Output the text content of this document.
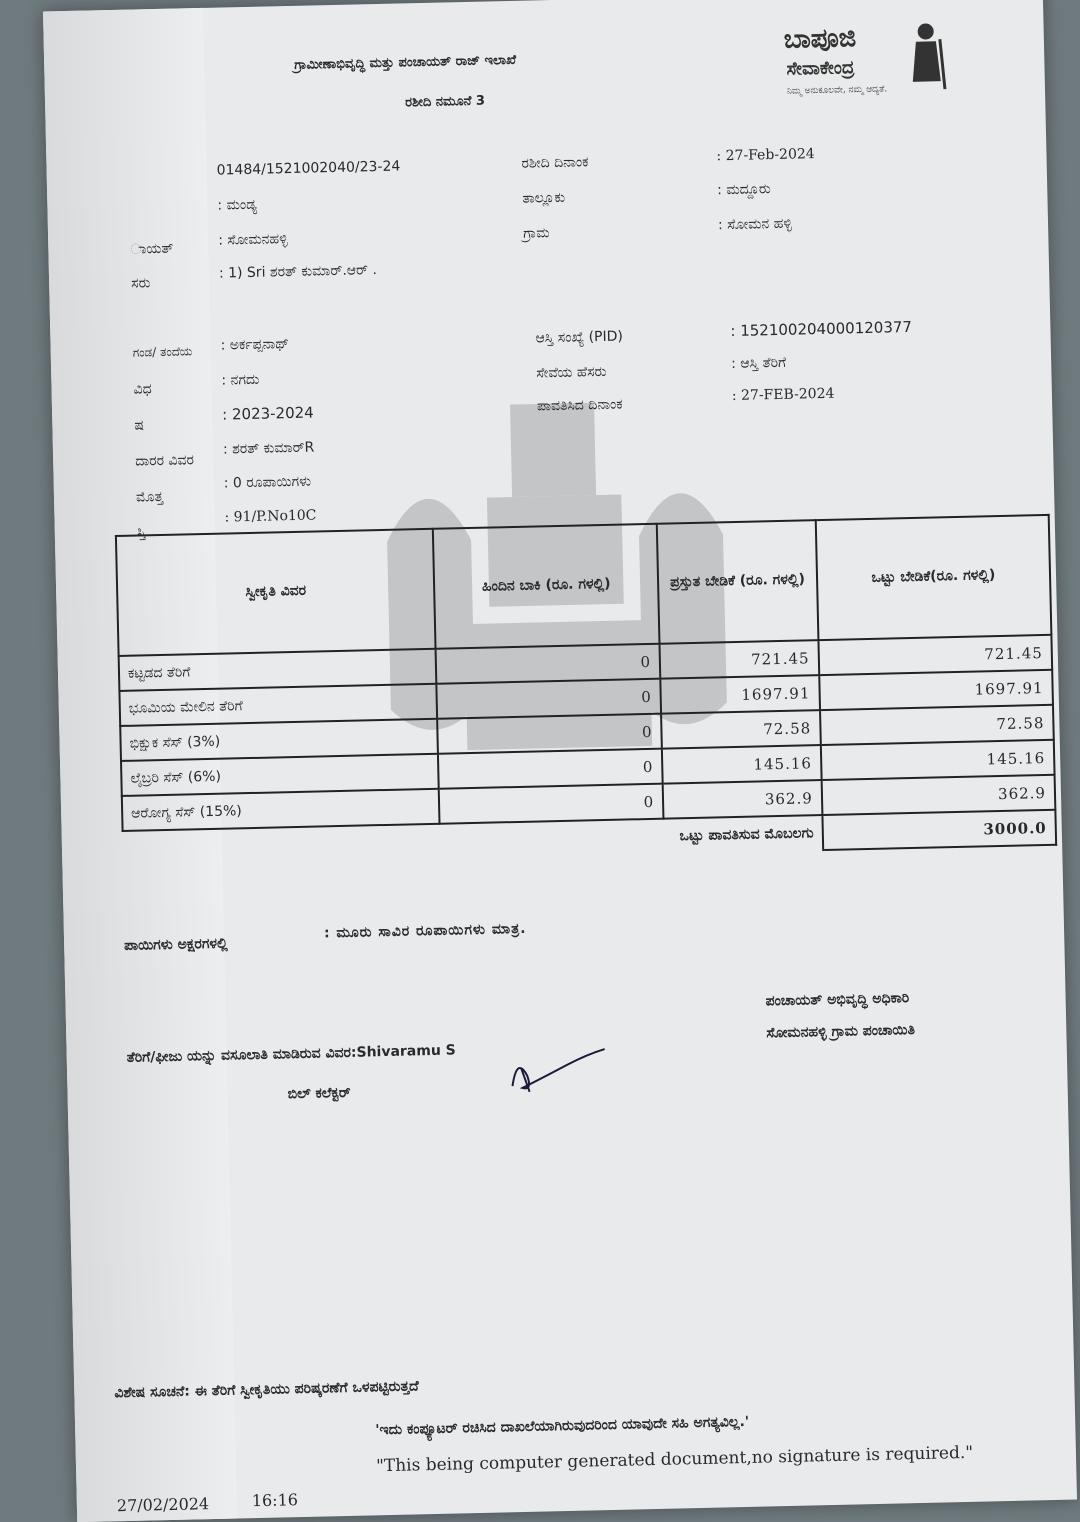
ಗ್ರಾಮೀಣಾಭಿವೃದ್ಧಿ ಮತ್ತು ಪಂಚಾಯತ್ ರಾಜ್ ಇಲಾಖೆ
ರಶೀದಿ ನಮೂನೆ 3
ಬಾಪೂಜಿ
ಸೇವಾಕೇಂದ್ರ
ನಿಮ್ಮ ಅನುಕೂಲವೇ, ನಮ್ಮ ಆದ್ಯತೆ.
01484/1521002040/23-24	ರಶೀದಿ ದಿನಾಂಕ	: 27-Feb-2024
: ಮಂಡ್ಯ	ತಾಲ್ಲೂಕು	: ಮದ್ದೂರು
ಾಯತ್
: ಸೋಮನಹಳ್ಳಿ	ಗ್ರಾಮ
: ಸೋಮನ ಹಳ್ಳಿ
ಸರು
: 1) Sri ಶರತ್ ಕುಮಾರ್.ಆರ್ .
ಗಂಡ/ ತಂದೆಯ : ಅರ್ಕಪ್ಪನಾಥ್	ಆಸ್ತಿ ಸಂಖ್ಯೆ (PID)	: 152100204000120377
ವಿಧ
: ನಗದು	ಸೇವೆಯ ಹೆಸರು
: ಆಸ್ತಿ ತೆರಿಗೆ
ಷ
: 2023-2024	ಪಾವತಿಸಿದ ದಿನಾಂಕ
: 27-FEB-2024
ದಾರರ ವಿವರ
: ಶರತ್ ಕುಮಾರ್R
ಮೊತ್ತ
: 0 ರೂಪಾಯಿಗಳು
ಸ್ತಿ
: 91/P.No10C
ಸ್ವೀಕೃತಿ ವಿವರ	ಹಿಂದಿನ ಬಾಕಿ (ರೂ. ಗಳಲ್ಲಿ)	ಪ್ರಸ್ತುತ ಬೇಡಿಕೆ (ರೂ. ಗಳಲ್ಲಿ)	ಒಟ್ಟು ಬೇಡಿಕೆ(ರೂ. ಗಳಲ್ಲಿ)
ಕಟ್ಟಡದ ತೆರಿಗೆ	0	721.45	721.45
ಭೂಮಿಯ ಮೇಲಿನ ತೆರಿಗೆ	0	1697.91	1697.91
ಭಿಕ್ಷುಕ ಸೆಸ್ (3%)	0	72.58	72.58
ಲೈಬ್ರರಿ ಸೆಸ್ (6%)	0	145.16	145.16
ಆರೋಗ್ಯ ಸೆಸ್ (15%)	0	362.9	362.9
	ಒಟ್ಟು ಪಾವತಿಸುವ ಮೊಬಲಗು		3000.0
ಪಾಯಿಗಳು ಅಕ್ಷರಗಳಲ್ಲಿ
: ಮೂರು ಸಾವಿರ ರೂಪಾಯಿಗಳು ಮಾತ್ರ.
ಪಂಚಾಯತ್ ಅಭಿವೃದ್ಧಿ ಅಧಿಕಾರಿ
ಸೋಮನಹಳ್ಳಿ ಗ್ರಾಮ ಪಂಚಾಯಿತಿ
ತೆರಿಗೆ/ಫೀಜು ಯನ್ನು ವಸೂಲಾತಿ ಮಾಡಿರುವ ವಿವರ:Shivaramu S
ಬಿಲ್ ಕಲೆಕ್ಟರ್
ವಿಶೇಷ ಸೂಚನೆ: ಈ ತೆರಿಗೆ ಸ್ವೀಕೃತಿಯು ಪರಿಷ್ಕರಣೆಗೆ ಒಳಪಟ್ಟಿರುತ್ತದೆ
'ಇದು ಕಂಪ್ಯೂಟರ್ ರಚಿಸಿದ ದಾಖಲೆಯಾಗಿರುವುದರಿಂದ ಯಾವುದೇ ಸಹಿ ಅಗತ್ಯವಿಲ್ಲ.'
"This being computer generated document,no signature is required."
27/02/2024	16:16
